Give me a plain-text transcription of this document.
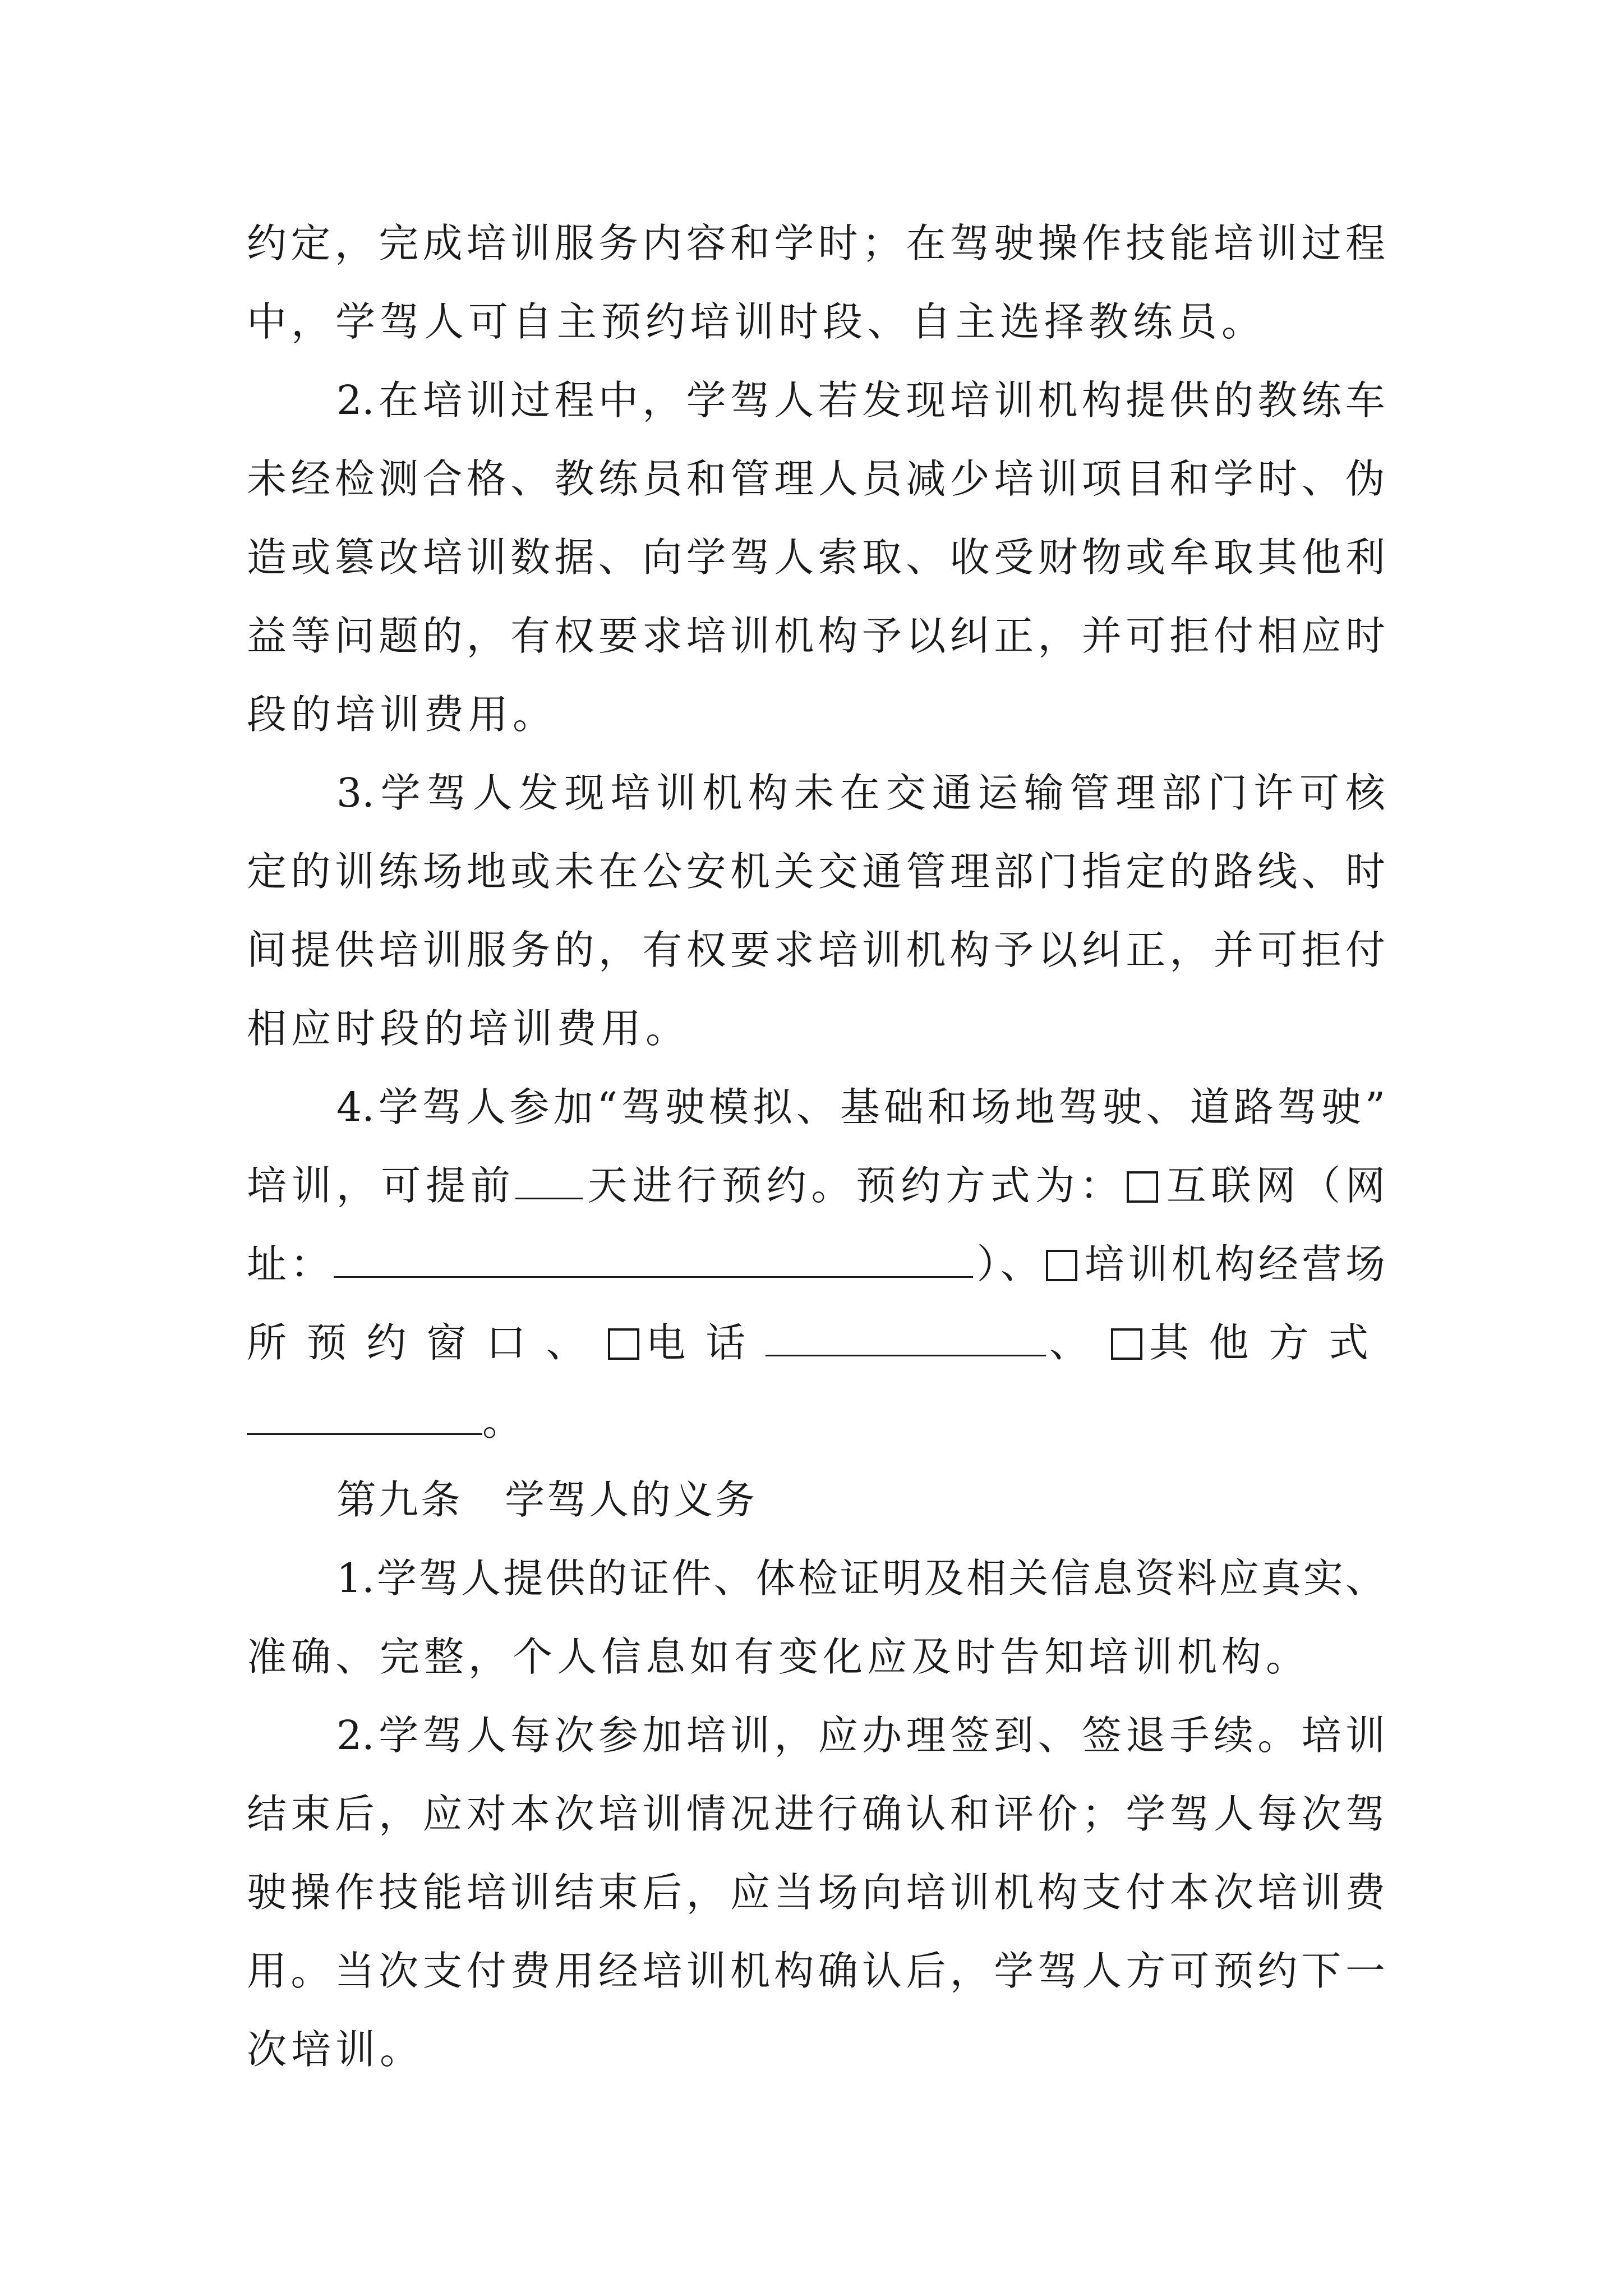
约定，完成培训服务内容和学时；在驾驶操作技能培训过程
中，学驾人可自主预约培训时段、自主选择教练员。
2.在培训过程中，学驾人若发现培训机构提供的教练车
未经检测合格、教练员和管理人员减少培训项目和学时、伪
造或篡改培训数据、向学驾人索取、收受财物或牟取其他利
益等问题的，有权要求培训机构予以纠正，并可拒付相应时
段的培训费用。
3.学驾人发现培训机构未在交通运输管理部门许可核
定的训练场地或未在公安机关交通管理部门指定的路线、时
间提供培训服务的，有权要求培训机构予以纠正，并可拒付
相应时段的培训费用。
4.学驾人参加“驾驶模拟、基础和场地驾驶、道路驾驶”
培训，可提前 天进行预约。预约方式为： 互联网（网
址：	）、 培训机构经营场
所预约窗口、 电话	、 其他方式
。
第九条　学驾人的义务
1.学驾人提供的证件、体检证明及相关信息资料应真实、
准确、完整，个人信息如有变化应及时告知培训机构。
2.学驾人每次参加培训，应办理签到、签退手续。培训
结束后，应对本次培训情况进行确认和评价；学驾人每次驾
驶操作技能培训结束后，应当场向培训机构支付本次培训费
用。当次支付费用经培训机构确认后，学驾人方可预约下一
次培训。
